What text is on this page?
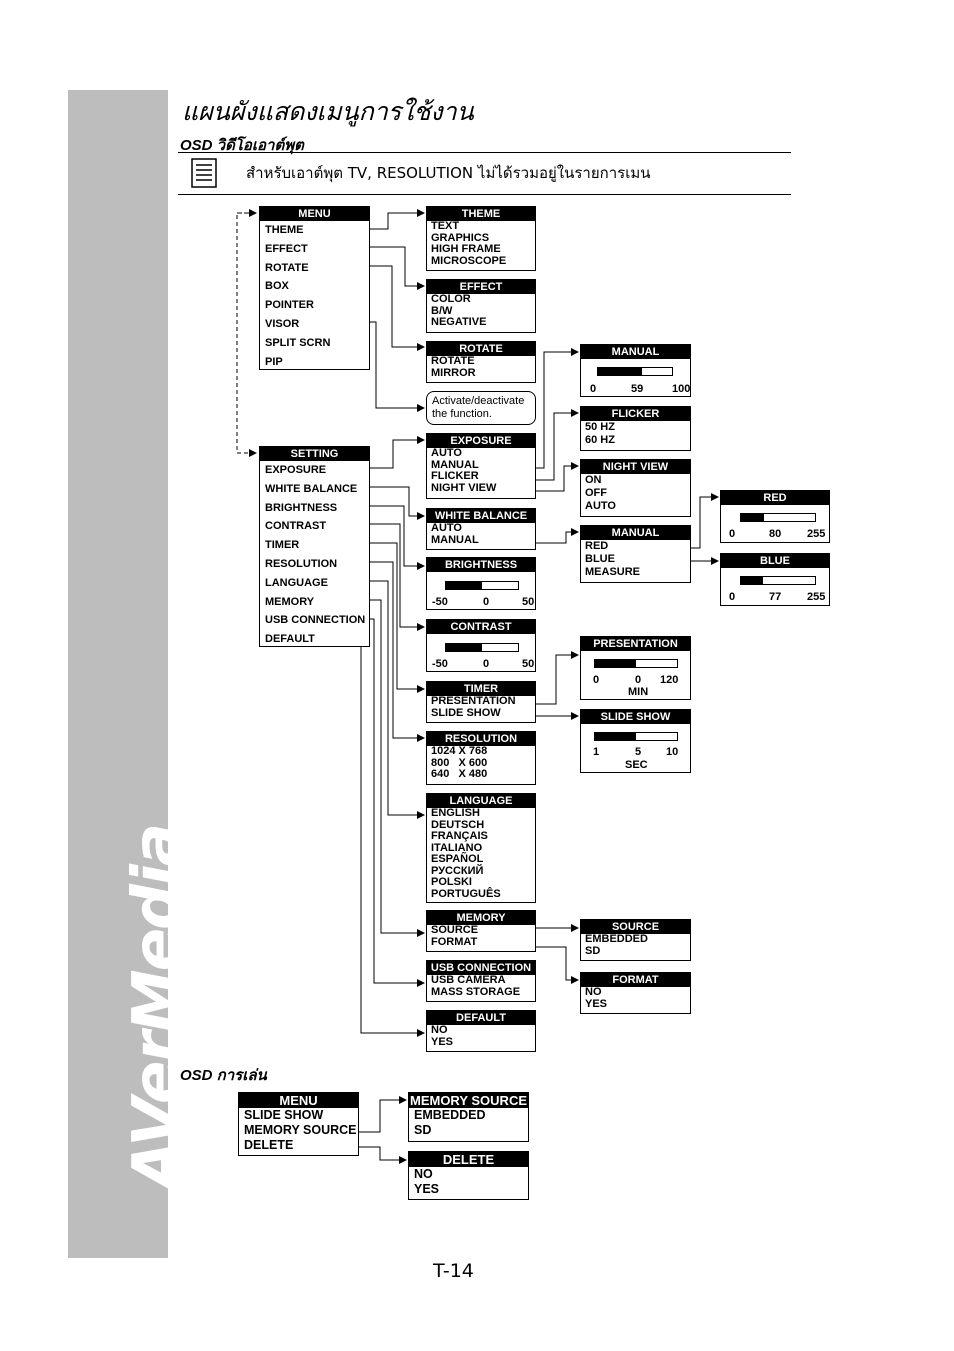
AVerMedia
แผนผังแสดงเมนูการใช้งาน
OSD วิดีโอเอาต์พุต
สำหรับเอาต์พุต TV, RESOLUTION ไม่ได้รวมอยู่ในรายการเมน
MENU
THEME
EFFECT
ROTATE
BOX
POINTER
VISOR
SPLIT SCRN
PIP
SETTING
EXPOSURE
WHITE BALANCE
BRIGHTNESS
CONTRAST
TIMER
RESOLUTION
LANGUAGE
MEMORY
USB CONNECTION
DEFAULT
THEME
TEXT
GRAPHICS
HIGH FRAME
MICROSCOPE
EFFECT
COLOR
B/W
NEGATIVE
ROTATE
ROTATE
MIRROR
Activate/deactivate the function.
EXPOSURE
AUTO
MANUAL
FLICKER
NIGHT VIEW
WHITE BALANCE
AUTO
MANUAL
BRIGHTNESS
-50	0	50
CONTRAST
-50	0	50
TIMER
PRESENTATION
SLIDE SHOW
RESOLUTION
1024 X 768
800   X 600
640   X 480
LANGUAGE
ENGLISH
DEUTSCH
FRANÇAIS
ITALIANO
ESPAÑOL
РУССКИЙ
POLSKI
PORTUGUÊS
MEMORY
SOURCE
FORMAT
USB CONNECTION
USB CAMERA
MASS STORAGE
DEFAULT
NO
YES
MANUAL
0	59	100
FLICKER
50 HZ
60 HZ
NIGHT VIEW
ON
OFF
AUTO
MANUAL
RED
BLUE
MEASURE
RED
0	80 255
BLUE
0	77 255
PRESENTATION
0	0 120
MIN
SLIDE SHOW
1	5 10
SEC
SOURCE
EMBEDDED
SD
FORMAT
NO
YES
OSD การเล่น
MENU
SLIDE SHOW
MEMORY SOURCE
DELETE
MEMORY SOURCE
EMBEDDED
SD
DELETE
NO
YES
T-14
